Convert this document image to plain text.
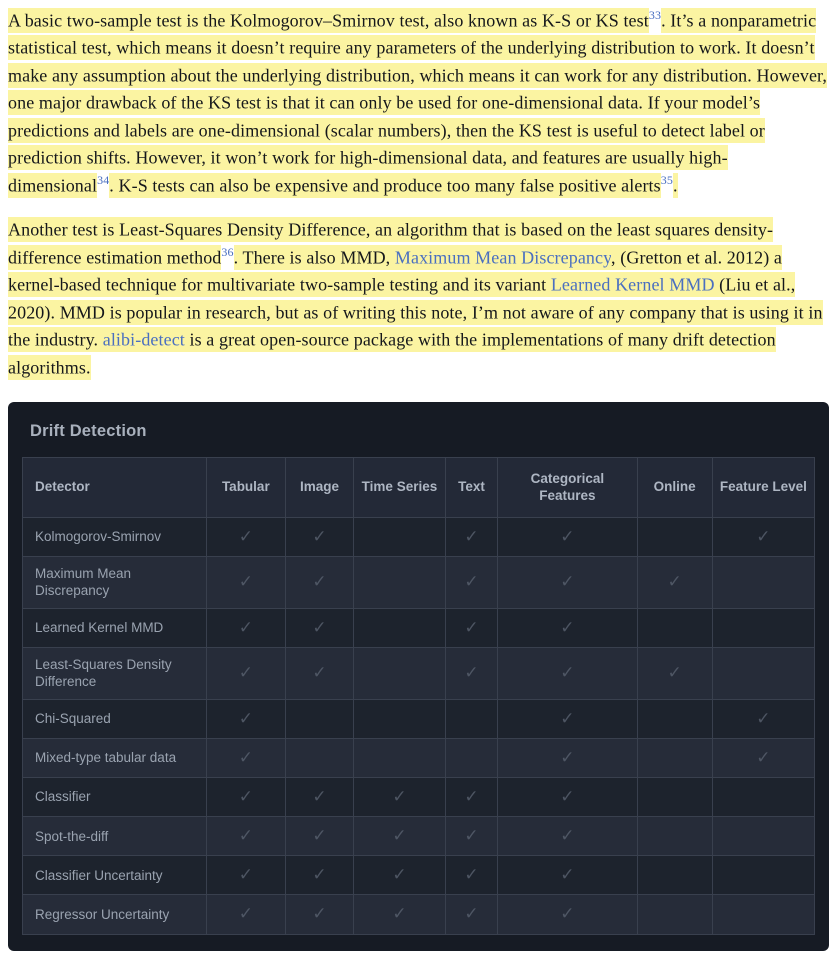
A basic two-sample test is the Kolmogorov–Smirnov test, also known as K-S or KS test$^{33}$. It’s a nonparametric statistical test, which means it doesn’t require any parameters of the underlying distribution to work. It doesn’t make any assumption about the underlying distribution, which means it can work for any distribution. However, one major drawback of the KS test is that it can only be used for one-dimensional data. If your model’s predictions and labels are one-dimensional (scalar numbers), then the KS test is useful to detect label or prediction shifts. However, it won’t work for high-dimensional data, and features are usually high-dimensional$^{34}$. K-S tests can also be expensive and produce too many false positive alerts$^{35}$.

Another test is Least-Squares Density Difference, an algorithm that is based on the least squares density-difference estimation method$^{36}$. There is also MMD, Maximum Mean Discrepancy, (Gretton et al. 2012) a kernel-based technique for multivariate two-sample testing and its variant Learned Kernel MMD (Liu et al., 2020). MMD is popular in research, but as of writing this note, I’m not aware of any company that is using it in the industry. alibi-detect is a great open-source package with the implementations of many drift detection algorithms.

Drift Detection
Detector	Tabular	Image	Time Series	Text	Categorical Features	Online	Feature Level
Kolmogorov-Smirnov	✓	✓		✓	✓		✓
Maximum Mean Discrepancy	✓	✓		✓	✓	✓	
Learned Kernel MMD	✓	✓		✓	✓		
Least-Squares Density Difference	✓	✓		✓	✓	✓	
Chi-Squared	✓				✓		✓
Mixed-type tabular data	✓				✓		✓
Classifier	✓	✓	✓	✓	✓		
Spot-the-diff	✓	✓	✓	✓	✓		
Classifier Uncertainty	✓	✓	✓	✓	✓		
Regressor Uncertainty	✓	✓	✓	✓	✓		
